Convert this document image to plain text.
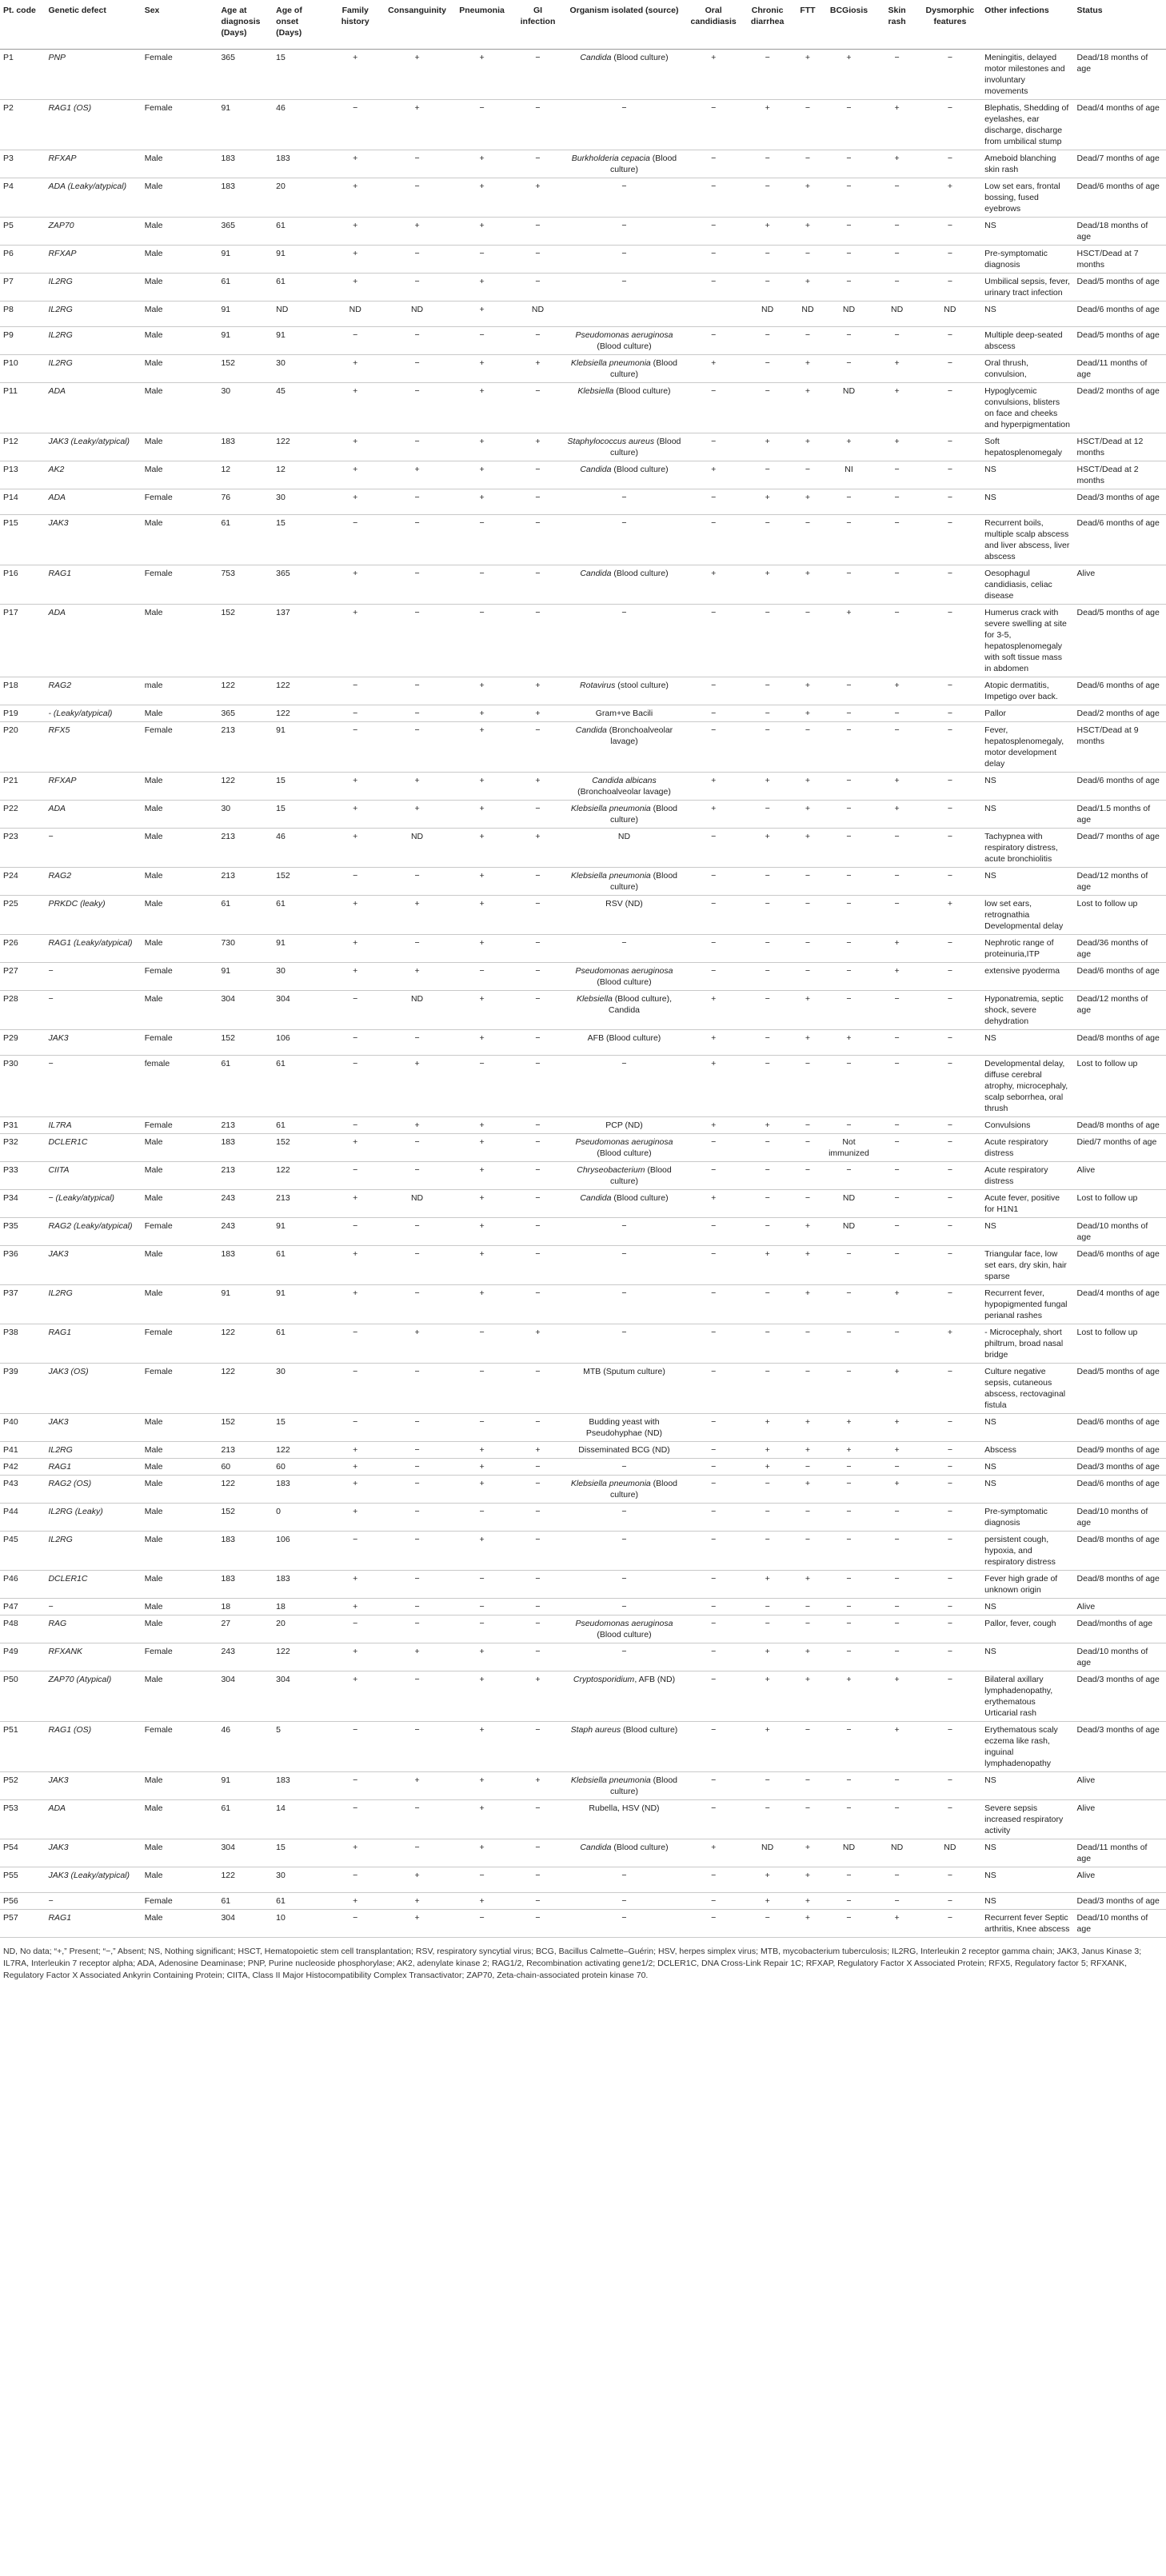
Pt. code	Genetic defect	Sex	Age at diagnosis (Days)	Age of onset (Days)	Family history	Consanguinity	Pneumonia	GI infection	Organism isolated (source)	Oral candidiasis	Chronic diarrhea	FTT	BCGiosis	Skin rash	Dysmorphic features	Other infections	Status
P1	PNP	Female	365	15	+	+	+	−	Candida (Blood culture)	+	−	+	+	−	−	Meningitis, delayed motor milestones and involuntary movements	Dead/18 months of age
P2	RAG1 (OS)	Female	91	46	−	+	−	−	−	−	+	−	−	+	−	Blephatis, Shedding of eyelashes, ear discharge, discharge from umbilical stump	Dead/4 months of age
P3	RFXAP	Male	183	183	+	−	+	−	Burkholderia cepacia (Blood culture)	−	−	−	−	+	−	Ameboid blanching skin rash	Dead/7 months of age
P4	ADA (Leaky/atypical)	Male	183	20	+	−	+	+	−	−	−	+	−	−	+	Low set ears, frontal bossing, fused eyebrows	Dead/6 months of age
P5	ZAP70	Male	365	61	+	+	+	−	−	−	+	+	−	−	−	NS	Dead/18 months of age
P6	RFXAP	Male	91	91	+	−	−	−	−	−	−	−	−	−	−	Pre-symptomatic diagnosis	HSCT/Dead at 7 months
P7	IL2RG	Male	61	61	+	−	+	−	−	−	−	+	−	−	−	Umbilical sepsis, fever, urinary tract infection	Dead/5 months of age
P8	IL2RG	Male	91	ND	ND	ND	+	ND			ND	ND	ND	ND	ND	NS	Dead/6 months of age
P9	IL2RG	Male	91	91	−	−	−	−	Pseudomonas aeruginosa (Blood culture)	−	−	−	−	−	−	Multiple deep-seated abscess	Dead/5 months of age
P10	IL2RG	Male	152	30	+	−	+	+	Klebsiella pneumonia (Blood culture)	+	−	+	−	+	−	Oral thrush, convulsion,	Dead/11 months of age
P11	ADA	Male	30	45	+	−	+	−	Klebsiella (Blood culture)	−	−	+	ND	+	−	Hypoglycemic convulsions, blisters on face and cheeks and hyperpigmentation	Dead/2 months of age
P12	JAK3 (Leaky/atypical)	Male	183	122	+	−	+	+	Staphylococcus aureus (Blood culture)	−	+	+	+	+	−	Soft hepatosplenomegaly	HSCT/Dead at 12 months
P13	AK2	Male	12	12	+	+	+	−	Candida (Blood culture)	+	−	−	NI	−	−	NS	HSCT/Dead at 2 months
P14	ADA	Female	76	30	+	−	+	−	−	−	+	+	−	−	−	NS	Dead/3 months of age
P15	JAK3	Male	61	15	−	−	−	−	−	−	−	−	−	−	−	Recurrent boils, multiple scalp abscess and liver abscess, liver abscess	Dead/6 months of age
P16	RAG1	Female	753	365	+	−	−	−	Candida (Blood culture)	+	+	+	−	−	−	Oesophagul candidiasis, celiac disease	Alive
P17	ADA	Male	152	137	+	−	−	−	−	−	−	−	+	−	−	Humerus crack with severe swelling at site for 3-5, hepatosplenomegaly with soft tissue mass in abdomen	Dead/5 months of age
P18	RAG2	male	122	122	−	−	+	+	Rotavirus (stool culture)	−	−	+	−	+	−	Atopic dermatitis, Impetigo over back.	Dead/6 months of age
P19	- (Leaky/atypical)	Male	365	122	−	−	+	+	Gram+ve Bacili	−	−	+	−	−	−	Pallor	Dead/2 months of age
P20	RFX5	Female	213	91	−	−	+	−	Candida (Bronchoalveolar lavage)	−	−	−	−	−	−	Fever, hepatosplenomegaly, motor development delay	HSCT/Dead at 9 months
P21	RFXAP	Male	122	15	+	+	+	+	Candida albicans (Bronchoalveolar lavage)	+	+	+	−	+	−	NS	Dead/6 months of age
P22	ADA	Male	30	15	+	+	+	−	Klebsiella pneumonia (Blood culture)	+	−	+	−	+	−	NS	Dead/1.5 months of age
P23	−	Male	213	46	+	ND	+	+	ND	−	+	+	−	−	−	Tachypnea with respiratory distress, acute bronchiolitis	Dead/7 months of age
P24	RAG2	Male	213	152	−	−	+	−	Klebsiella pneumonia (Blood culture)	−	−	−	−	−	−	NS	Dead/12 months of age
P25	PRKDC (leaky)	Male	61	61	+	+	+	−	RSV (ND)	−	−	−	−	−	+	low set ears, retrognathia Developmental delay	Lost to follow up
P26	RAG1 (Leaky/atypical)	Male	730	91	+	−	+	−	−	−	−	−	−	+	−	Nephrotic range of proteinuria,ITP	Dead/36 months of age
P27	−	Female	91	30	+	+	−	−	Pseudomonas aeruginosa (Blood culture)	−	−	−	−	+	−	extensive pyoderma	Dead/6 months of age
P28	−	Male	304	304	−	ND	+	−	Klebsiella (Blood culture), Candida	+	−	+	−	−	−	Hyponatremia, septic shock, severe dehydration	Dead/12 months of age
P29	JAK3	Female	152	106	−	−	+	−	AFB (Blood culture)	+	−	+	+	−	−	NS	Dead/8 months of age
P30	−	female	61	61	−	+	−	−	−	+	−	−	−	−	−	Developmental delay, diffuse cerebral atrophy, microcephaly, scalp seborrhea, oral thrush	Lost to follow up
P31	IL7RA	Female	213	61	−	+	+	−	PCP (ND)	+	+	−	−	−	−	Convulsions	Dead/8 months of age
P32	DCLER1C	Male	183	152	+	−	+	−	Pseudomonas aeruginosa (Blood culture)	−	−	−	Not immunized	−	−	Acute respiratory distress	Died/7 months of age
P33	CIITA	Male	213	122	−	−	+	−	Chryseobacterium (Blood culture)	−	−	−	−	−	−	Acute respiratory distress	Alive
P34	− (Leaky/atypical)	Male	243	213	+	ND	+	−	Candida (Blood culture)	+	−	−	ND	−	−	Acute fever, positive for H1N1	Lost to follow up
P35	RAG2 (Leaky/atypical)	Female	243	91	−	−	+	−	−	−	−	+	ND	−	−	NS	Dead/10 months of age
P36	JAK3	Male	183	61	+	−	+	−	−	−	+	+	−	−	−	Triangular face, low set ears, dry skin, hair sparse	Dead/6 months of age
P37	IL2RG	Male	91	91	+	−	+	−	−	−	−	+	−	+	−	Recurrent fever, hypopigmented fungal perianal rashes	Dead/4 months of age
P38	RAG1	Female	122	61	−	+	−	+	−	−	−	−	−	−	+	- Microcephaly, short philtrum, broad nasal bridge	Lost to follow up
P39	JAK3 (OS)	Female	122	30	−	−	−	−	MTB (Sputum culture)	−	−	−	−	+	−	Culture negative sepsis, cutaneous abscess, rectovaginal fistula	Dead/5 months of age
P40	JAK3	Male	152	15	−	−	−	−	Budding yeast with Pseudohyphae (ND)	−	+	+	+	+	−	NS	Dead/6 months of age
P41	IL2RG	Male	213	122	+	−	+	+	Disseminated BCG (ND)	−	+	+	+	+	−	Abscess	Dead/9 months of age
P42	RAG1	Male	60	60	+	−	+	−	−	−	+	−	−	−	−	NS	Dead/3 months of age
P43	RAG2 (OS)	Male	122	183	+	−	+	−	Klebsiella pneumonia (Blood culture)	−	−	+	−	+	−	NS	Dead/6 months of age
P44	IL2RG (Leaky)	Male	152	0	+	−	−	−	−	−	−	−	−	−	−	Pre-symptomatic diagnosis	Dead/10 months of age
P45	IL2RG	Male	183	106	−	−	+	−	−	−	−	−	−	−	−	persistent cough, hypoxia, and respiratory distress	Dead/8 months of age
P46	DCLER1C	Male	183	183	+	−	−	−	−	−	+	+	−	−	−	Fever high grade of unknown origin	Dead/8 months of age
P47	−	Male	18	18	+	−	−	−	−	−	−	−	−	−	−	NS	Alive
P48	RAG	Male	27	20	−	−	−	−	Pseudomonas aeruginosa (Blood culture)	−	−	−	−	−	−	Pallor, fever, cough	Dead/months of age
P49	RFXANK	Female	243	122	+	+	+	−	−	−	+	+	−	−	−	NS	Dead/10 months of age
P50	ZAP70 (Atypical)	Male	304	304	+	−	+	+	Cryptosporidium, AFB (ND)	−	+	+	+	+	−	Bilateral axillary lymphadenopathy, erythematous Urticarial rash	Dead/3 months of age
P51	RAG1 (OS)	Female	46	5	−	−	+	−	Staph aureus (Blood culture)	−	+	−	−	+	−	Erythematous scaly eczema like rash, inguinal lymphadenopathy	Dead/3 months of age
P52	JAK3	Male	91	183	−	+	+	+	Klebsiella pneumonia (Blood culture)	−	−	−	−	−	−	NS	Alive
P53	ADA	Male	61	14	−	−	+	−	Rubella, HSV (ND)	−	−	−	−	−	−	Severe sepsis increased respiratory activity	Alive
P54	JAK3	Male	304	15	+	−	+	−	Candida (Blood culture)	+	ND	+	ND	ND	ND	NS	Dead/11 months of age
P55	JAK3 (Leaky/atypical)	Male	122	30	−	+	−	−	−	−	+	+	−	−	−	NS	Alive
P56	−	Female	61	61	+	+	+	−	−	−	+	+	−	−	−	NS	Dead/3 months of age
P57	RAG1	Male	304	10	−	+	−	−	−	−	−	+	−	+	−	Recurrent fever Septic arthritis, Knee abscess	Dead/10 months of age
ND, No data; “+,” Present; “−,” Absent; NS, Nothing significant; HSCT, Hematopoietic stem cell transplantation; RSV, respiratory syncytial virus; BCG, Bacillus Calmette–Guérin; HSV, herpes simplex virus; MTB, mycobacterium tuberculosis; IL2RG, Interleukin 2 receptor gamma chain; JAK3, Janus Kinase 3; IL7RA, Interleukin 7 receptor alpha; ADA, Adenosine Deaminase; PNP, Purine nucleoside phosphorylase; AK2, adenylate kinase 2; RAG1/2, Recombination activating gene1/2; DCLER1C, DNA Cross-Link Repair 1C; RFXAP, Regulatory Factor X Associated Protein; RFX5, Regulatory factor 5; RFXANK, Regulatory Factor X Associated Ankyrin Containing Protein; CIITA, Class II Major Histocompatibility Complex Transactivator; ZAP70, Zeta-chain-associated protein kinase 70.
